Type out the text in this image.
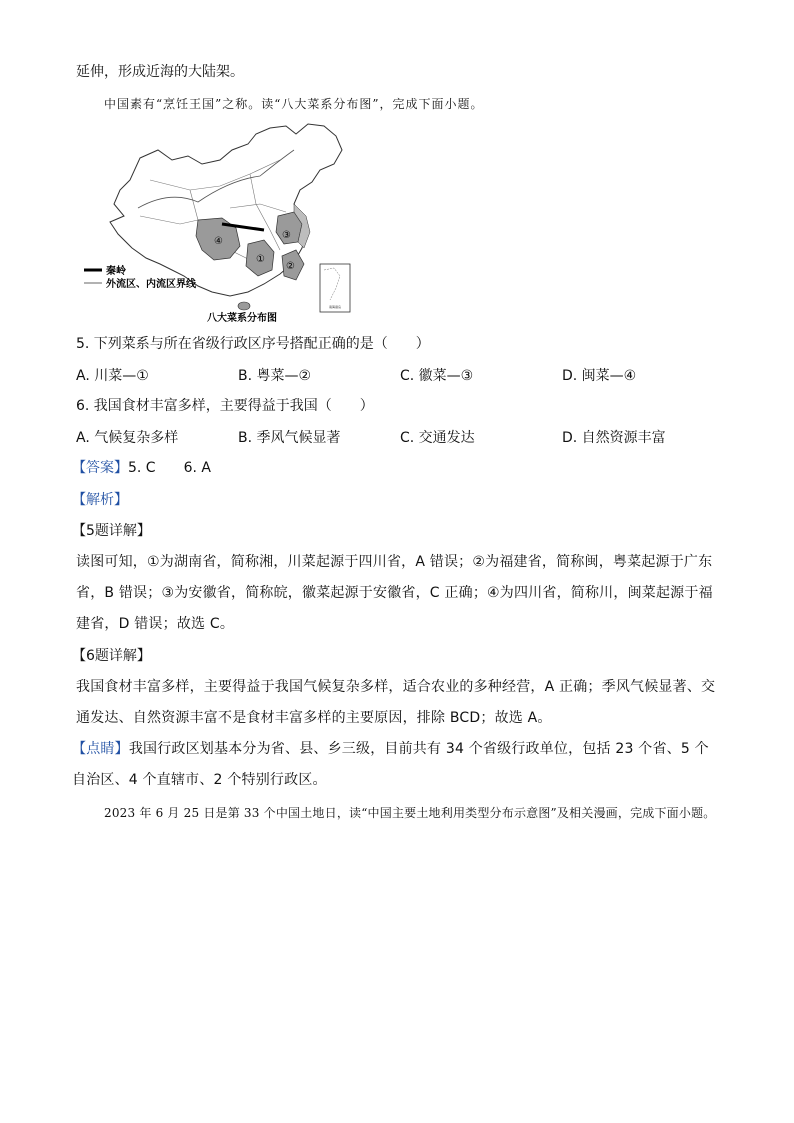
延伸，形成近海的大陆架。
中国素有“烹饪王国”之称。读“八大菜系分布图”，完成下面小题。
①
②
③
④
南海诸岛
秦岭
外流区、内流区界线
八大菜系分布图
5. 下列菜系与所在省级行政区序号搭配正确的是（　　）
A. 川菜—①	B. 粤菜—②	C. 徽菜—③	D. 闽菜—④
6. 我国食材丰富多样，主要得益于我国（　　）
A. 气候复杂多样	B. 季风气候显著	C. 交通发达	D. 自然资源丰富
【答案】5. C　　6. A
【解析】
【5题详解】
读图可知，①为湖南省，简称湘，川菜起源于四川省，A 错误；②为福建省，简称闽，粤菜起源于广东省，B 错误；③为安徽省，简称皖，徽菜起源于安徽省，C 正确；④为四川省，简称川，闽菜起源于福建省，D 错误；故选 C。
【6题详解】
我国食材丰富多样，主要得益于我国气候复杂多样，适合农业的多种经营，A 正确；季风气候显著、交通发达、自然资源丰富不是食材丰富多样的主要原因，排除 BCD；故选 A。
【点睛】我国行政区划基本分为省、县、乡三级，目前共有 34 个省级行政单位，包括 23 个省、5 个自治区、4 个直辖市、2 个特别行政区。
2023 年 6 月 25 日是第 33 个中国土地日，读“中国主要土地利用类型分布示意图”及相关漫画，完成下面小题。
